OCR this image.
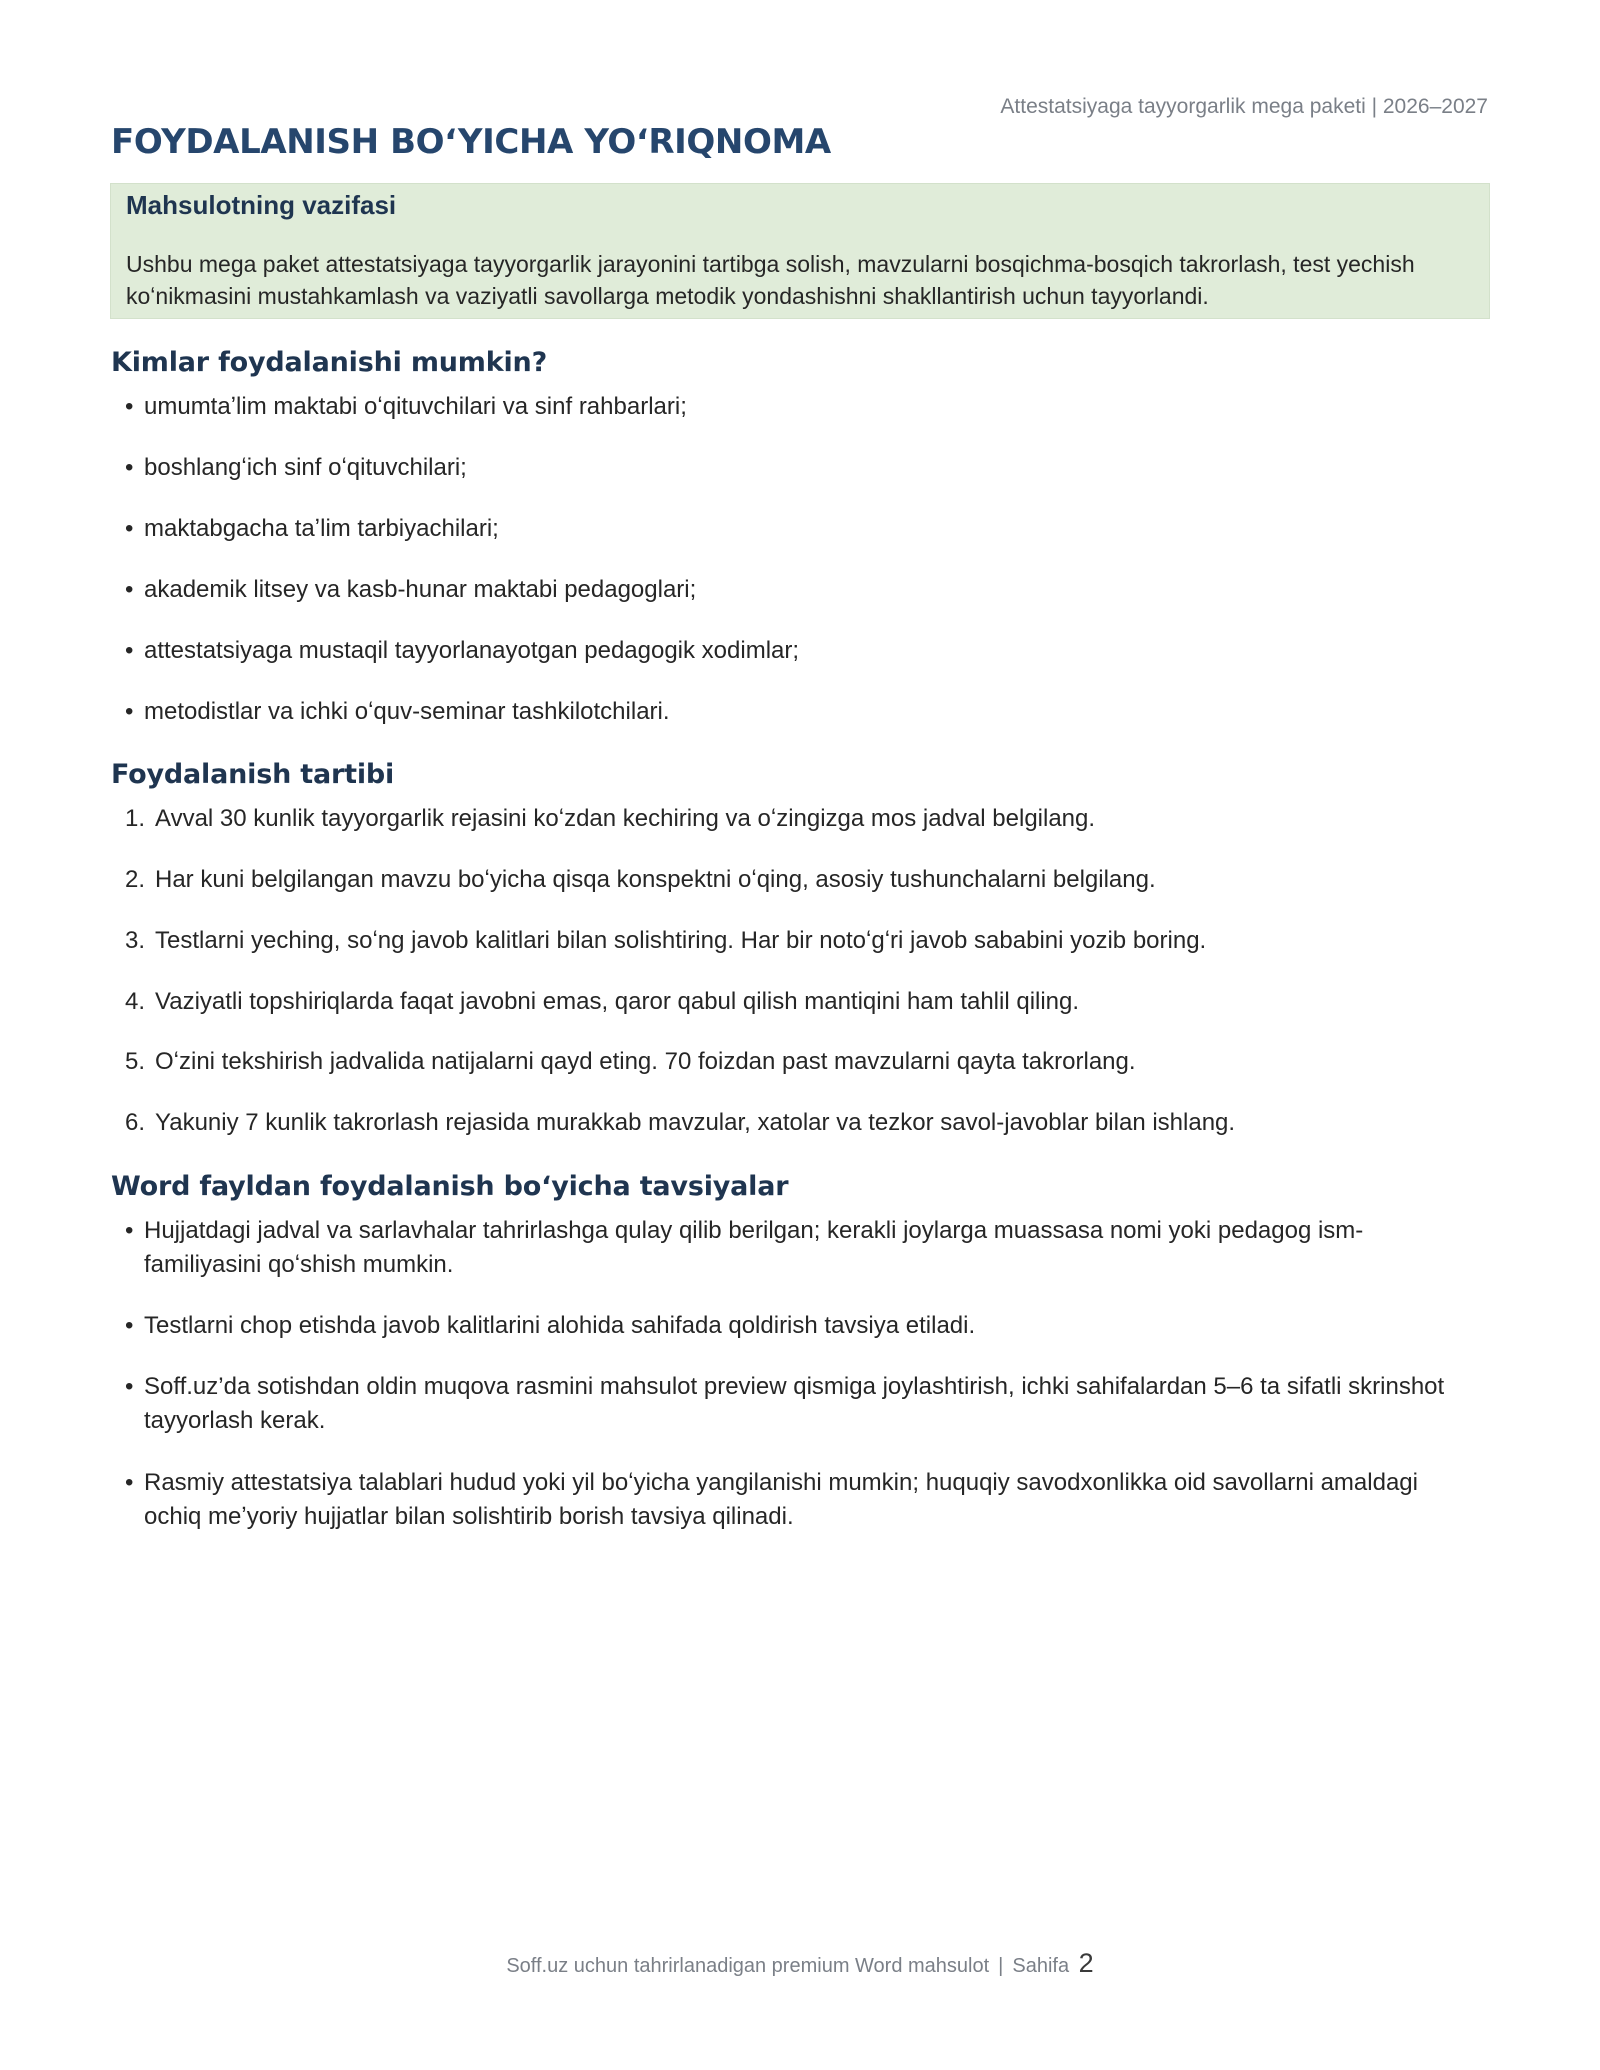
Attestatsiyaga tayyorgarlik mega paketi | 2026–2027
FOYDALANISH BOʻYICHA YOʻRIQNOMA
Mahsulotning vazifasi

Ushbu mega paket attestatsiyaga tayyorgarlik jarayonini tartibga solish, mavzularni bosqichma-bosqich takrorlash, test yechish koʻnikmasini mustahkamlash va vaziyatli savollarga metodik yondashishni shakllantirish uchun tayyorlandi.

Kimlar foydalanishi mumkin?
• umumtaʼlim maktabi oʻqituvchilari va sinf rahbarlari;
• boshlangʻich sinf oʻqituvchilari;
• maktabgacha taʼlim tarbiyachilari;
• akademik litsey va kasb-hunar maktabi pedagoglari;
• attestatsiyaga mustaqil tayyorlanayotgan pedagogik xodimlar;
• metodistlar va ichki oʻquv-seminar tashkilotchilari.
Foydalanish tartibi
1. Avval 30 kunlik tayyorgarlik rejasini koʻzdan kechiring va oʻzingizga mos jadval belgilang.
2. Har kuni belgilangan mavzu boʻyicha qisqa konspektni oʻqing, asosiy tushunchalarni belgilang.
3. Testlarni yeching, soʻng javob kalitlari bilan solishtiring. Har bir notoʻgʻri javob sababini yozib boring.
4. Vaziyatli topshiriqlarda faqat javobni emas, qaror qabul qilish mantiqini ham tahlil qiling.
5. Oʻzini tekshirish jadvalida natijalarni qayd eting. 70 foizdan past mavzularni qayta takrorlang.
6. Yakuniy 7 kunlik takrorlash rejasida murakkab mavzular, xatolar va tezkor savol-javoblar bilan ishlang.
Word fayldan foydalanish boʻyicha tavsiyalar
• Hujjatdagi jadval va sarlavhalar tahrirlashga qulay qilib berilgan; kerakli joylarga muassasa nomi yoki pedagog ism-familiyasini qoʻshish mumkin.
• Testlarni chop etishda javob kalitlarini alohida sahifada qoldirish tavsiya etiladi.
• Soff.uz’da sotishdan oldin muqova rasmini mahsulot preview qismiga joylashtirish, ichki sahifalardan 5–6 ta sifatli skrinshot tayyorlash kerak.
• Rasmiy attestatsiya talablari hudud yoki yil boʻyicha yangilanishi mumkin; huquqiy savodxonlikka oid savollarni amaldagi ochiq meʼyoriy hujjatlar bilan solishtirib borish tavsiya qilinadi.
Soff.uz uchun tahrirlanadigan premium Word mahsulot | Sahifa 2
